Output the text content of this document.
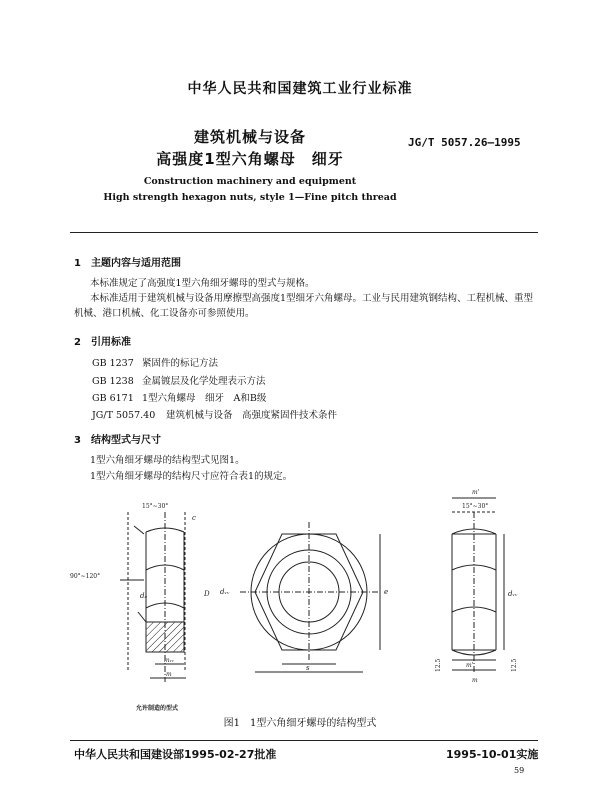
中华人民共和国建筑工业行业标准
建筑机械与设备
高强度1型六角螺母　细牙
JG/T 5057.26—1995
Construction machinery and equipment
High strength hexagon nuts, style 1—Fine pitch thread
1　主题内容与适用范围
本标准规定了高强度1型六角细牙螺母的型式与规格。
本标准适用于建筑机械与设备用摩擦型高强度1型细牙六角螺母。工业与民用建筑钢结构、工程机械、重型机械、港口机械、化工设备亦可参照使用。
2　引用标准
GB 1237 紧固件的标记方法
GB 1238 金属镀层及化学处理表示方法
GB 6171 1型六角螺母　细牙　A和B级
JG/T 5057.40 建筑机械与设备　高强度紧固件技术条件
3　结构型式与尺寸
1型六角细牙螺母的结构型式见图1。
1型六角细牙螺母的结构尺寸应符合表1的规定。
15°~30°
90°~120°
c
dₐ	D dᵥᵥ
mᵥᵥ
m
e
s
15°~30°
m'
dᵥᵥ
m'
m
12.5	12.5
允许制造的型式
图1　1型六角细牙螺母的结构型式
中华人民共和国建设部1995-02-27批准	1995-10-01实施
59
